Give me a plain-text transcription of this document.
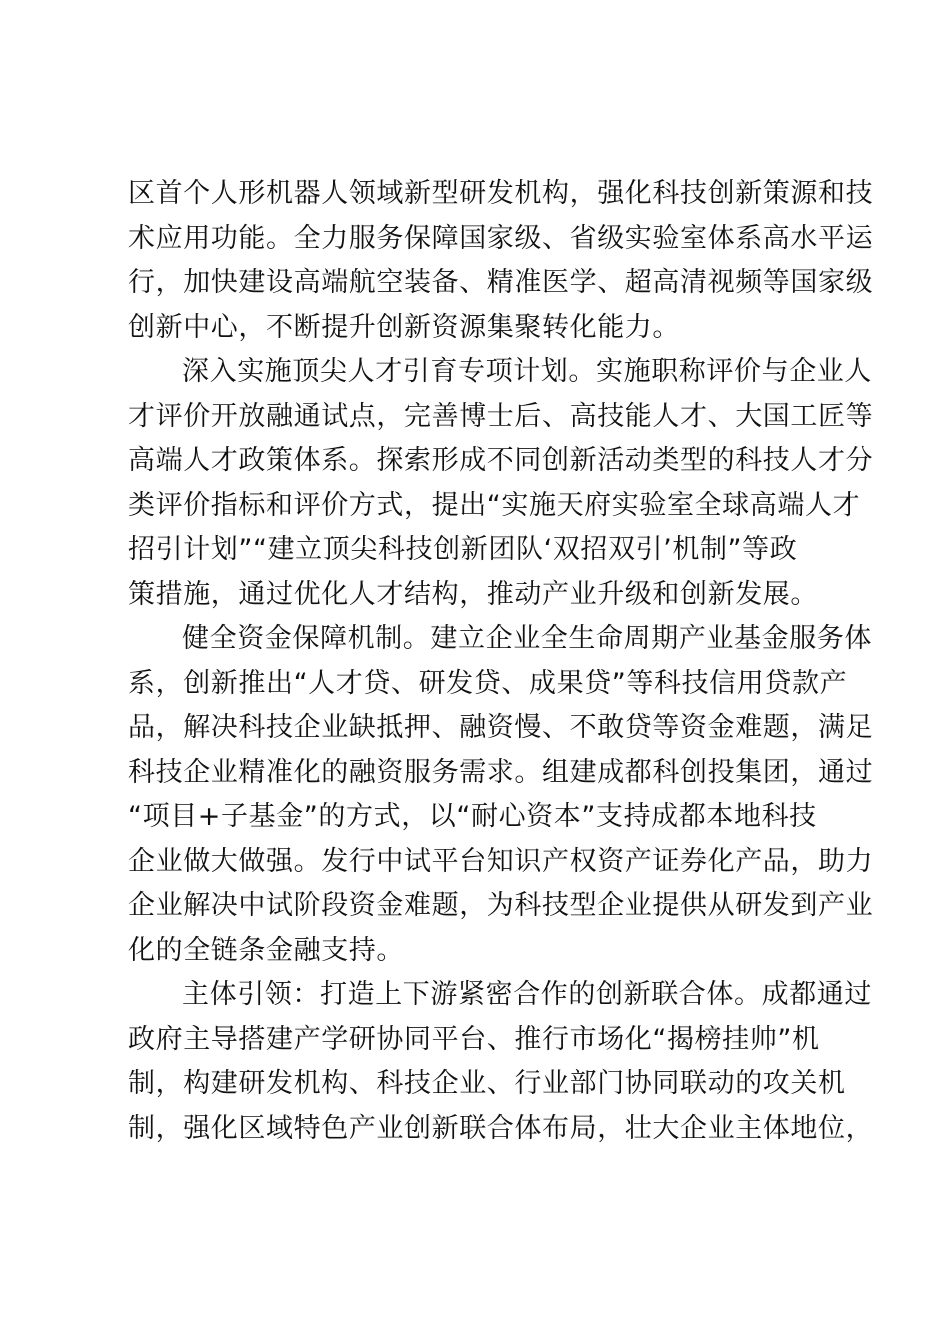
区首个人形机器人领域新型研发机构，强化科技创新策源和技
术应用功能。全力服务保障国家级、省级实验室体系高水平运
行，加快建设高端航空装备、精准医学、超高清视频等国家级
创新中心，不断提升创新资源集聚转化能力。
深入实施顶尖人才引育专项计划。实施职称评价与企业人
才评价开放融通试点，完善博士后、高技能人才、大国工匠等
高端人才政策体系。探索形成不同创新活动类型的科技人才分
类评价指标和评价方式，提出“实施天府实验室全球高端人才
招引计划”“建立顶尖科技创新团队‘双招双引’机制”等政
策措施，通过优化人才结构，推动产业升级和创新发展。
健全资金保障机制。建立企业全生命周期产业基金服务体
系，创新推出“人才贷、研发贷、成果贷”等科技信用贷款产
品，解决科技企业缺抵押、融资慢、不敢贷等资金难题，满足
科技企业精准化的融资服务需求。组建成都科创投集团，通过
“项目+子基金”的方式，以“耐心资本”支持成都本地科技
企业做大做强。发行中试平台知识产权资产证券化产品，助力
企业解决中试阶段资金难题，为科技型企业提供从研发到产业
化的全链条金融支持。
主体引领：打造上下游紧密合作的创新联合体。成都通过
政府主导搭建产学研协同平台、推行市场化“揭榜挂帅”机
制，构建研发机构、科技企业、行业部门协同联动的攻关机
制，强化区域特色产业创新联合体布局，壮大企业主体地位，
